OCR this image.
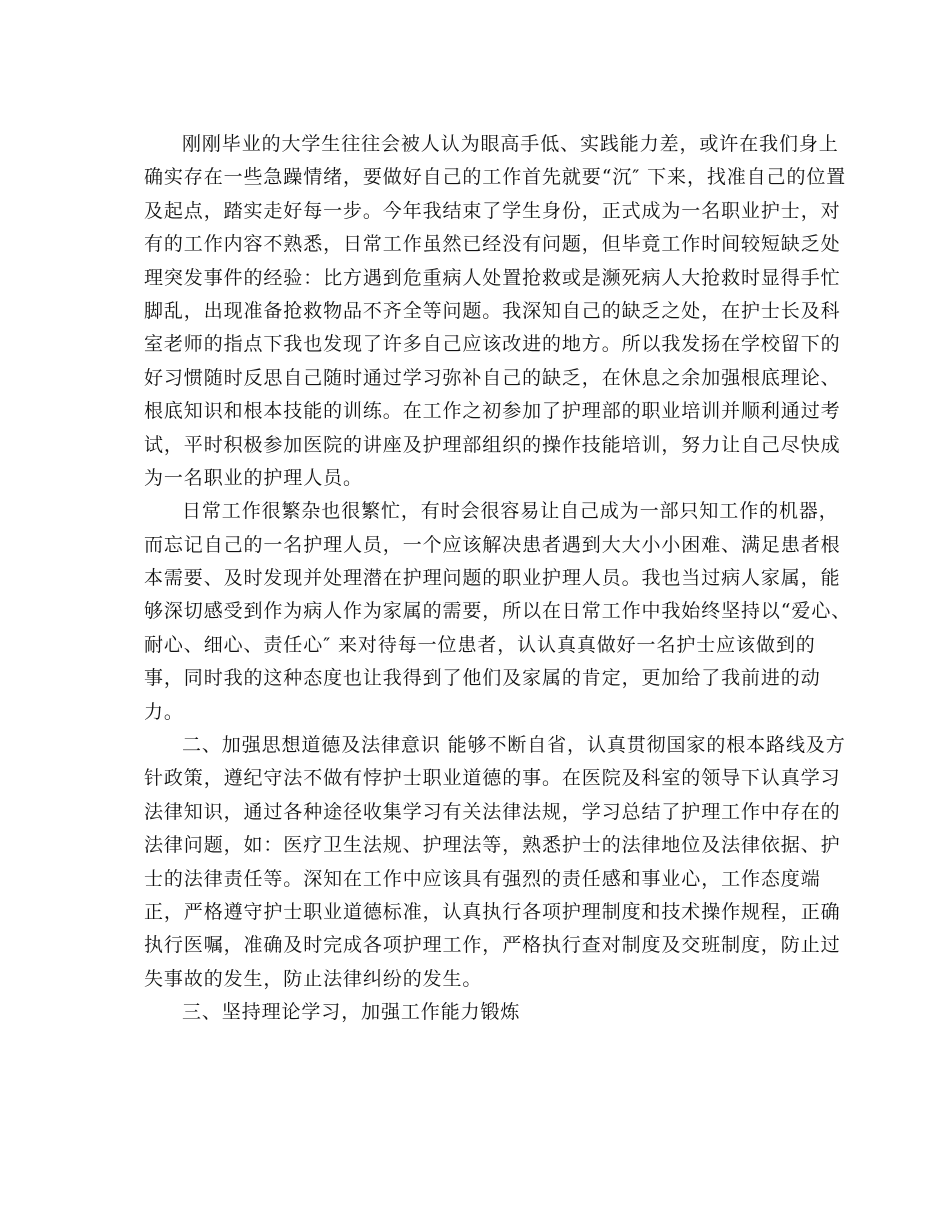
刚刚毕业的大学生往往会被人认为眼高手低、实践能力差，或许在我们身上
确实存在一些急躁情绪，要做好自己的工作首先就要“沉″ 下来，找准自己的位置
及起点，踏实走好每一步。今年我结束了学生身份，正式成为一名职业护士，对
有的工作内容不熟悉，日常工作虽然已经没有问题，但毕竟工作时间较短缺乏处
理突发事件的经验：比方遇到危重病人处置抢救或是濒死病人大抢救时显得手忙
脚乱，出现准备抢救物品不齐全等问题。我深知自己的缺乏之处，在护士长及科
室老师的指点下我也发现了许多自己应该改进的地方。所以我发扬在学校留下的
好习惯随时反思自己随时通过学习弥补自己的缺乏，在休息之余加强根底理论、
根底知识和根本技能的训练。在工作之初参加了护理部的职业培训并顺利通过考
试，平时积极参加医院的讲座及护理部组织的操作技能培训，努力让自己尽快成
为一名职业的护理人员。
日常工作很繁杂也很繁忙，有时会很容易让自己成为一部只知工作的机器，
而忘记自己的一名护理人员，一个应该解决患者遇到大大小小困难、满足患者根
本需要、及时发现并处理潜在护理问题的职业护理人员。我也当过病人家属，能
够深切感受到作为病人作为家属的需要，所以在日常工作中我始终坚持以“爱心、
耐心、细心、责任心″ 来对待每一位患者，认认真真做好一名护士应该做到的
事，同时我的这种态度也让我得到了他们及家属的肯定，更加给了我前进的动
力。
二、加强思想道德及法律意识 能够不断自省，认真贯彻国家的根本路线及方
针政策，遵纪守法不做有悖护士职业道德的事。在医院及科室的领导下认真学习
法律知识，通过各种途径收集学习有关法律法规，学习总结了护理工作中存在的
法律问题，如：医疗卫生法规、护理法等，熟悉护士的法律地位及法律依据、护
士的法律责任等。深知在工作中应该具有强烈的责任感和事业心，工作态度端
正，严格遵守护士职业道德标准，认真执行各项护理制度和技术操作规程，正确
执行医嘱，准确及时完成各项护理工作，严格执行查对制度及交班制度，防止过
失事故的发生，防止法律纠纷的发生。
三、坚持理论学习，加强工作能力锻炼
